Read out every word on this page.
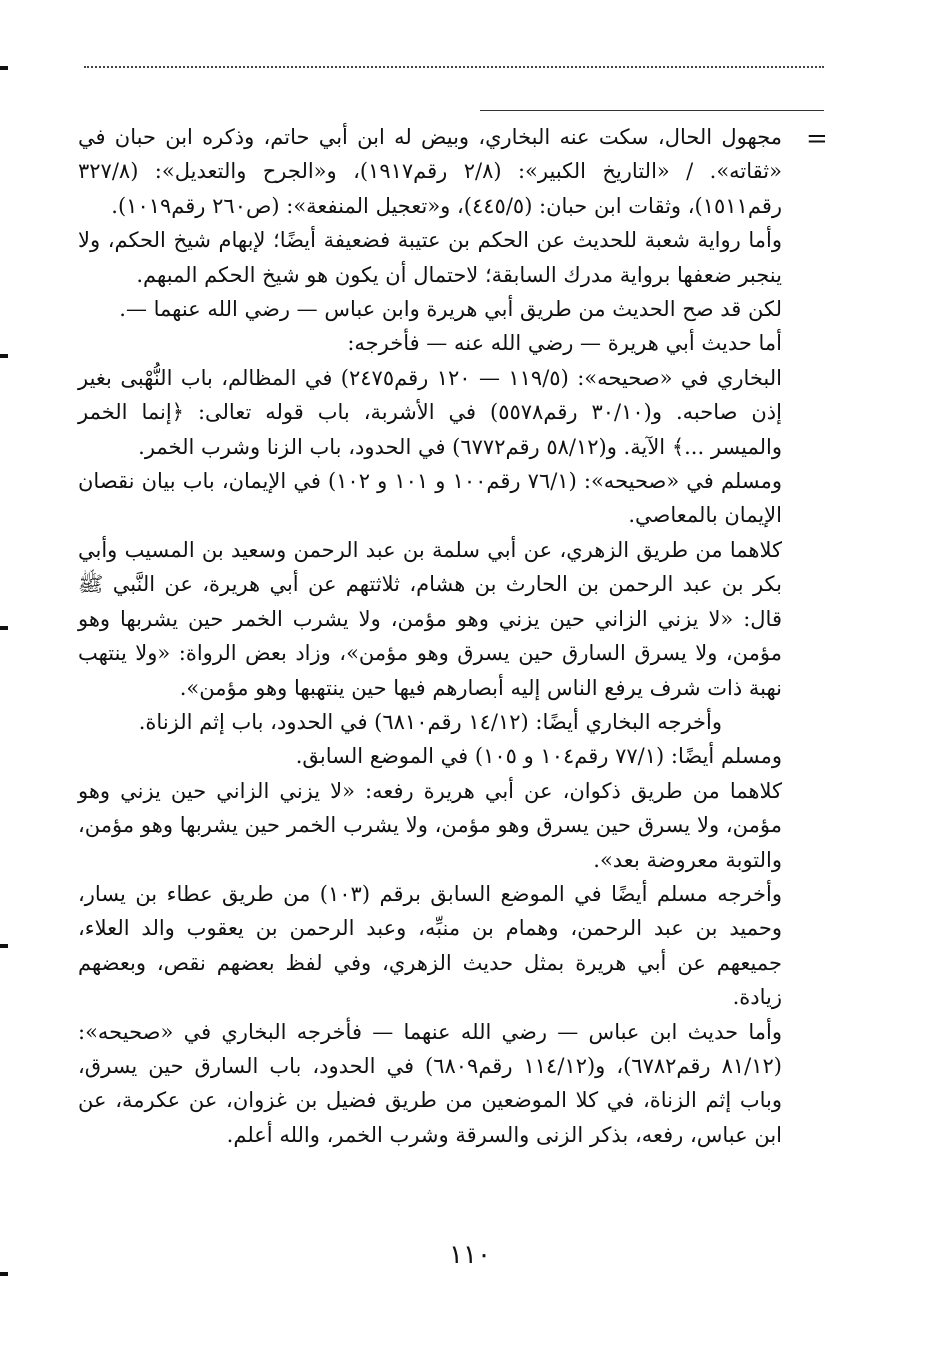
=

مجهول الحال، سكت عنه البخاري، وبيض له ابن أبي حاتم، وذكره ابن حبان في «ثقاته». / «التاريخ الكبير»: (٢/٨ رقم١٩١٧)، و«الجرح والتعديل»: (٣٢٧/٨ رقم١٥١١)، وثقات ابن حبان: (٤٤٥/٥)، و«تعجيل المنفعة»: (ص٢٦٠ رقم١٠١٩).

وأما رواية شعبة للحديث عن الحكم بن عتيبة فضعيفة أيضًا؛ لإبهام شيخ الحكم، ولا ينجبر ضعفها برواية مدرك السابقة؛ لاحتمال أن يكون هو شيخ الحكم المبهم.

لكن قد صح الحديث من طريق أبي هريرة وابن عباس — رضي الله عنهما —.

أما حديث أبي هريرة — رضي الله عنه — فأخرجه:

البخاري في «صحيحه»: (١١٩/٥ — ١٢٠ رقم٢٤٧٥) في المظالم، باب النُّهْبى بغير إذن صاحبه. و(٣٠/١٠ رقم٥٥٧٨) في الأشربة، باب قوله تعالى: ﴿إنما الخمر والميسر ...﴾ الآية. و(٥٨/١٢ رقم٦٧٧٢) في الحدود، باب الزنا وشرب الخمر.

ومسلم في «صحيحه»: (٧٦/١ رقم١٠٠ و ١٠١ و ١٠٢) في الإيمان، باب بيان نقصان الإيمان بالمعاصي.

كلاهما من طريق الزهري، عن أبي سلمة بن عبد الرحمن وسعيد بن المسيب وأبي بكر بن عبد الرحمن بن الحارث بن هشام، ثلاثتهم عن أبي هريرة، عن النَّبي ﷺ قال: «لا يزني الزاني حين يزني وهو مؤمن، ولا يشرب الخمر حين يشربها وهو مؤمن، ولا يسرق السارق حين يسرق وهو مؤمن»، وزاد بعض الرواة: «ولا ينتهب نهبة ذات شرف يرفع الناس إليه أبصارهم فيها حين ينتهبها وهو مؤمن».

وأخرجه البخاري أيضًا: (١٤/١٢ رقم٦٨١٠) في الحدود، باب إثم الزناة.

ومسلم أيضًا: (٧٧/١ رقم١٠٤ و ١٠٥) في الموضع السابق.

كلاهما من طريق ذكوان، عن أبي هريرة رفعه: «لا يزني الزاني حين يزني وهو مؤمن، ولا يسرق حين يسرق وهو مؤمن، ولا يشرب الخمر حين يشربها وهو مؤمن، والتوبة معروضة بعد».

وأخرجه مسلم أيضًا في الموضع السابق برقم (١٠٣) من طريق عطاء بن يسار، وحميد بن عبد الرحمن، وهمام بن منبِّه، وعبد الرحمن بن يعقوب والد العلاء، جميعهم عن أبي هريرة بمثل حديث الزهري، وفي لفظ بعضهم نقص، وبعضهم زيادة.

وأما حديث ابن عباس — رضي الله عنهما — فأخرجه البخاري في «صحيحه»: (٨١/١٢ رقم٦٧٨٢)، و(١١٤/١٢ رقم٦٨٠٩) في الحدود، باب السارق حين يسرق، وباب إثم الزناة، في كلا الموضعين من طريق فضيل بن غزوان، عن عكرمة، عن ابن عباس، رفعه، بذكر الزنى والسرقة وشرب الخمر، والله أعلم.

١١٠
